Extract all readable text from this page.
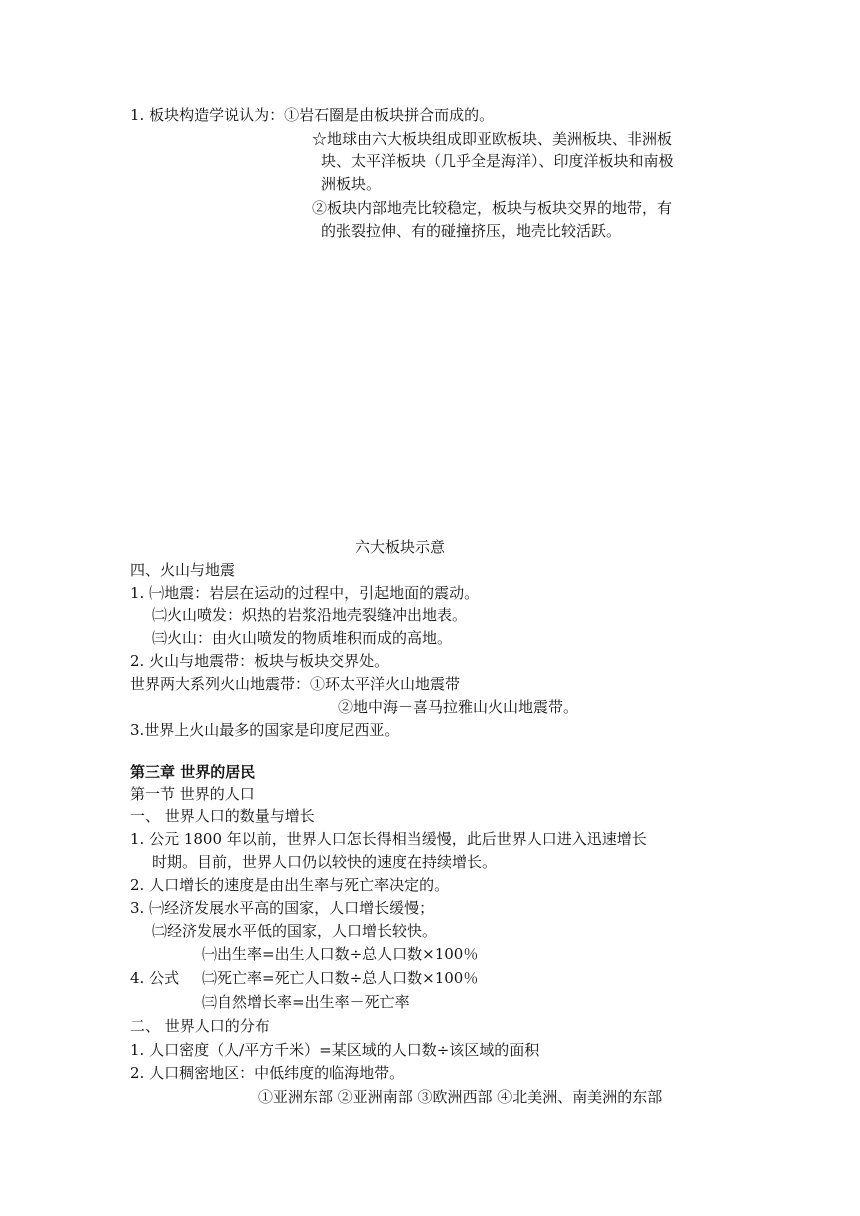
1. 板块构造学说认为：①岩石圈是由板块拼合而成的。
☆地球由六大板块组成即亚欧板块、美洲板块、非洲板
块、太平洋板块（几乎全是海洋）、印度洋板块和南极
洲板块。
②板块内部地壳比较稳定，板块与板块交界的地带，有
的张裂拉伸、有的碰撞挤压，地壳比较活跃。
六大板块示意
四、火山与地震
1. ㈠地震：岩层在运动的过程中，引起地面的震动。
㈡火山喷发：炽热的岩浆沿地壳裂缝冲出地表。
㈢火山：由火山喷发的物质堆积而成的高地。
2. 火山与地震带：板块与板块交界处。
世界两大系列火山地震带：①环太平洋火山地震带
②地中海－喜马拉雅山火山地震带。
3.世界上火山最多的国家是印度尼西亚。
第三章 世界的居民
第一节 世界的人口
一、 世界人口的数量与增长
1. 公元 1800 年以前，世界人口怎长得相当缓慢，此后世界人口进入迅速增长
时期。目前，世界人口仍以较快的速度在持续增长。
2. 人口增长的速度是由出生率与死亡率决定的。
3. ㈠经济发展水平高的国家，人口增长缓慢；
㈡经济发展水平低的国家，人口增长较快。
㈠出生率=出生人口数÷总人口数×100％
4. 公式 ㈡死亡率=死亡人口数÷总人口数×100％
㈢自然增长率=出生率－死亡率
二、 世界人口的分布
1. 人口密度（人/平方千米）=某区域的人口数÷该区域的面积
2. 人口稠密地区：中低纬度的临海地带。
①亚洲东部 ②亚洲南部 ③欧洲西部 ④北美洲、南美洲的东部
